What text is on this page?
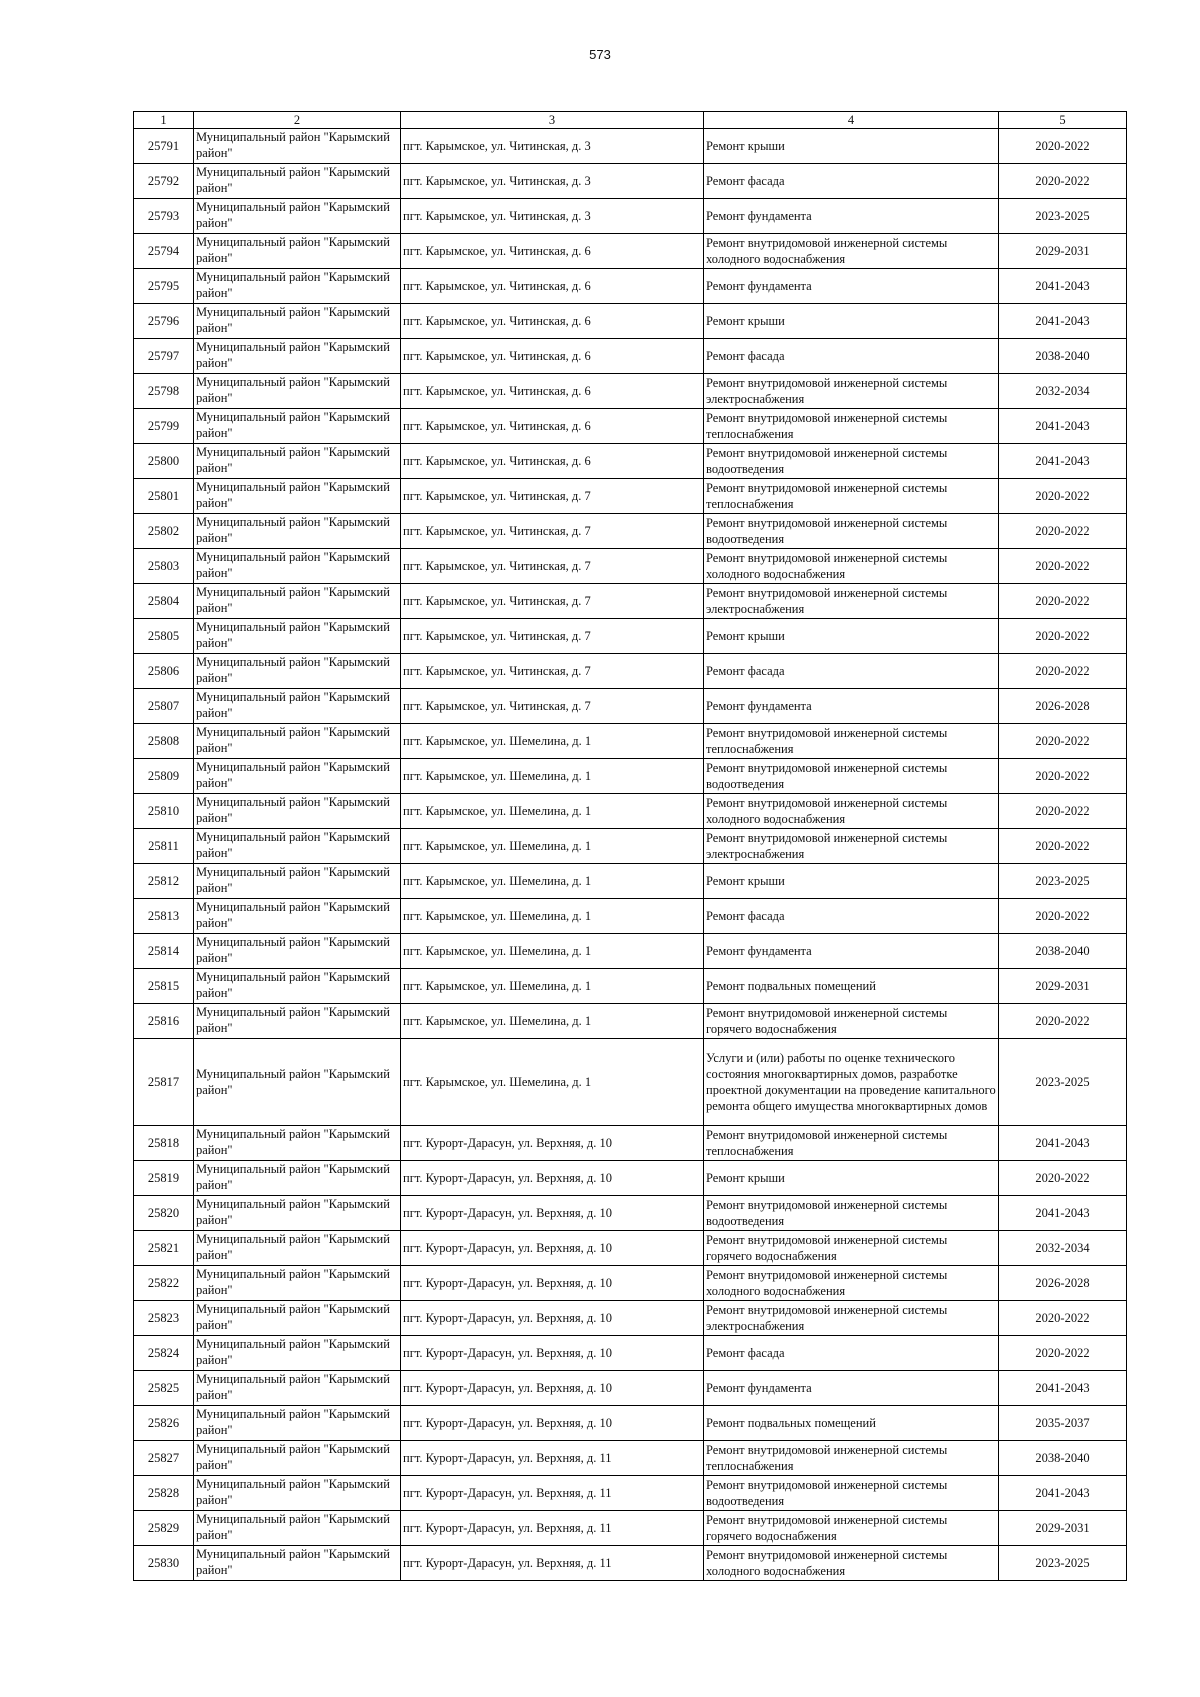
573
1	2	3	4	5
25791	Муниципальный район "Карымский район"	пгт. Карымское, ул. Читинская, д. 3	Ремонт крыши	2020-2022
25792	Муниципальный район "Карымский район"	пгт. Карымское, ул. Читинская, д. 3	Ремонт фасада	2020-2022
25793	Муниципальный район "Карымский район"	пгт. Карымское, ул. Читинская, д. 3	Ремонт фундамента	2023-2025
25794	Муниципальный район "Карымский район"	пгт. Карымское, ул. Читинская, д. 6	Ремонт внутридомовой инженерной системы холодного водоснабжения	2029-2031
25795	Муниципальный район "Карымский район"	пгт. Карымское, ул. Читинская, д. 6	Ремонт фундамента	2041-2043
25796	Муниципальный район "Карымский район"	пгт. Карымское, ул. Читинская, д. 6	Ремонт крыши	2041-2043
25797	Муниципальный район "Карымский район"	пгт. Карымское, ул. Читинская, д. 6	Ремонт фасада	2038-2040
25798	Муниципальный район "Карымский район"	пгт. Карымское, ул. Читинская, д. 6	Ремонт внутридомовой инженерной системы электроснабжения	2032-2034
25799	Муниципальный район "Карымский район"	пгт. Карымское, ул. Читинская, д. 6	Ремонт внутридомовой инженерной системы теплоснабжения	2041-2043
25800	Муниципальный район "Карымский район"	пгт. Карымское, ул. Читинская, д. 6	Ремонт внутридомовой инженерной системы водоотведения	2041-2043
25801	Муниципальный район "Карымский район"	пгт. Карымское, ул. Читинская, д. 7	Ремонт внутридомовой инженерной системы теплоснабжения	2020-2022
25802	Муниципальный район "Карымский район"	пгт. Карымское, ул. Читинская, д. 7	Ремонт внутридомовой инженерной системы водоотведения	2020-2022
25803	Муниципальный район "Карымский район"	пгт. Карымское, ул. Читинская, д. 7	Ремонт внутридомовой инженерной системы холодного водоснабжения	2020-2022
25804	Муниципальный район "Карымский район"	пгт. Карымское, ул. Читинская, д. 7	Ремонт внутридомовой инженерной системы электроснабжения	2020-2022
25805	Муниципальный район "Карымский район"	пгт. Карымское, ул. Читинская, д. 7	Ремонт крыши	2020-2022
25806	Муниципальный район "Карымский район"	пгт. Карымское, ул. Читинская, д. 7	Ремонт фасада	2020-2022
25807	Муниципальный район "Карымский район"	пгт. Карымское, ул. Читинская, д. 7	Ремонт фундамента	2026-2028
25808	Муниципальный район "Карымский район"	пгт. Карымское, ул. Шемелина, д. 1	Ремонт внутридомовой инженерной системы теплоснабжения	2020-2022
25809	Муниципальный район "Карымский район"	пгт. Карымское, ул. Шемелина, д. 1	Ремонт внутридомовой инженерной системы водоотведения	2020-2022
25810	Муниципальный район "Карымский район"	пгт. Карымское, ул. Шемелина, д. 1	Ремонт внутридомовой инженерной системы холодного водоснабжения	2020-2022
25811	Муниципальный район "Карымский район"	пгт. Карымское, ул. Шемелина, д. 1	Ремонт внутридомовой инженерной системы электроснабжения	2020-2022
25812	Муниципальный район "Карымский район"	пгт. Карымское, ул. Шемелина, д. 1	Ремонт крыши	2023-2025
25813	Муниципальный район "Карымский район"	пгт. Карымское, ул. Шемелина, д. 1	Ремонт фасада	2020-2022
25814	Муниципальный район "Карымский район"	пгт. Карымское, ул. Шемелина, д. 1	Ремонт фундамента	2038-2040
25815	Муниципальный район "Карымский район"	пгт. Карымское, ул. Шемелина, д. 1	Ремонт подвальных помещений	2029-2031
25816	Муниципальный район "Карымский район"	пгт. Карымское, ул. Шемелина, д. 1	Ремонт внутридомовой инженерной системы горячего водоснабжения	2020-2022
25817	Муниципальный район "Карымский район"	пгт. Карымское, ул. Шемелина, д. 1	Услуги и (или) работы по оценке технического состояния многоквартирных домов, разработке проектной документации на проведение капитального ремонта общего имущества многоквартирных домов	2023-2025
25818	Муниципальный район "Карымский район"	пгт. Курорт-Дарасун, ул. Верхняя, д. 10	Ремонт внутридомовой инженерной системы теплоснабжения	2041-2043
25819	Муниципальный район "Карымский район"	пгт. Курорт-Дарасун, ул. Верхняя, д. 10	Ремонт крыши	2020-2022
25820	Муниципальный район "Карымский район"	пгт. Курорт-Дарасун, ул. Верхняя, д. 10	Ремонт внутридомовой инженерной системы водоотведения	2041-2043
25821	Муниципальный район "Карымский район"	пгт. Курорт-Дарасун, ул. Верхняя, д. 10	Ремонт внутридомовой инженерной системы горячего водоснабжения	2032-2034
25822	Муниципальный район "Карымский район"	пгт. Курорт-Дарасун, ул. Верхняя, д. 10	Ремонт внутридомовой инженерной системы холодного водоснабжения	2026-2028
25823	Муниципальный район "Карымский район"	пгт. Курорт-Дарасун, ул. Верхняя, д. 10	Ремонт внутридомовой инженерной системы электроснабжения	2020-2022
25824	Муниципальный район "Карымский район"	пгт. Курорт-Дарасун, ул. Верхняя, д. 10	Ремонт фасада	2020-2022
25825	Муниципальный район "Карымский район"	пгт. Курорт-Дарасун, ул. Верхняя, д. 10	Ремонт фундамента	2041-2043
25826	Муниципальный район "Карымский район"	пгт. Курорт-Дарасун, ул. Верхняя, д. 10	Ремонт подвальных помещений	2035-2037
25827	Муниципальный район "Карымский район"	пгт. Курорт-Дарасун, ул. Верхняя, д. 11	Ремонт внутридомовой инженерной системы теплоснабжения	2038-2040
25828	Муниципальный район "Карымский район"	пгт. Курорт-Дарасун, ул. Верхняя, д. 11	Ремонт внутридомовой инженерной системы водоотведения	2041-2043
25829	Муниципальный район "Карымский район"	пгт. Курорт-Дарасун, ул. Верхняя, д. 11	Ремонт внутридомовой инженерной системы горячего водоснабжения	2029-2031
25830	Муниципальный район "Карымский район"	пгт. Курорт-Дарасун, ул. Верхняя, д. 11	Ремонт внутридомовой инженерной системы холодного водоснабжения	2023-2025
